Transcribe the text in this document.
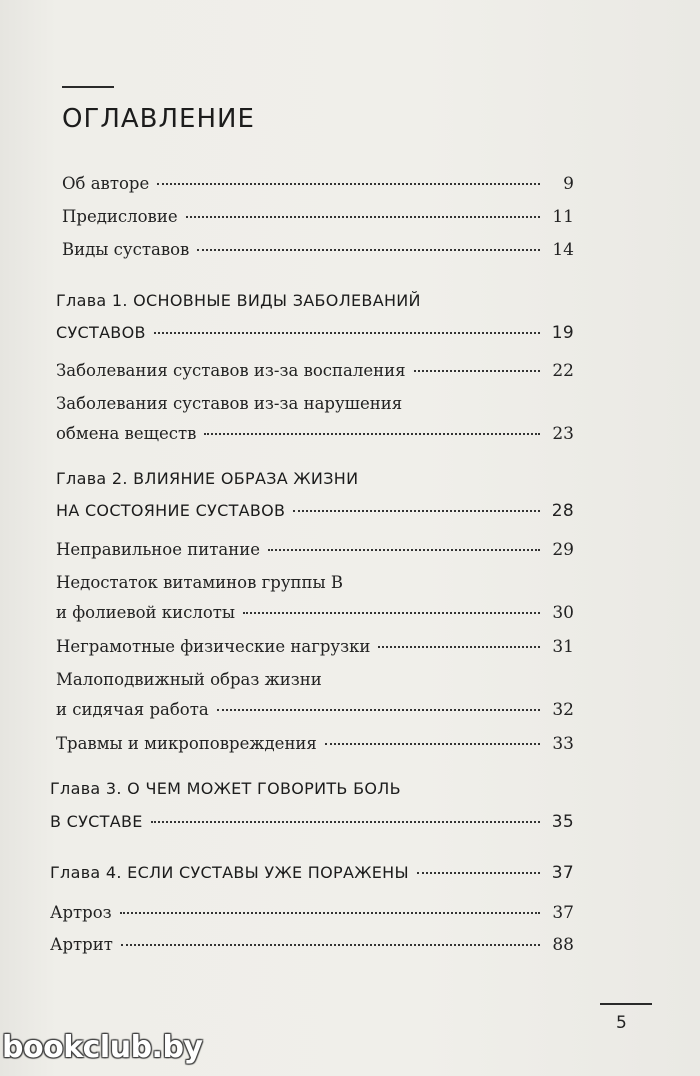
ОГЛАВЛЕНИЕ
Об авторе	9
Предисловие	11
Виды суставов	14
Глава 1. ОСНОВНЫЕ ВИДЫ ЗАБОЛЕВАНИЙ
СУСТАВОВ	19
Заболевания суставов из-за воспаления	22
Заболевания суставов из-за нарушения
обмена веществ	23
Глава 2. ВЛИЯНИЕ ОБРАЗА ЖИЗНИ
НА СОСТОЯНИЕ СУСТАВОВ	28
Неправильное питание	29
Недостаток витаминов группы В
и фолиевой кислоты	30
Неграмотные физические нагрузки	31
Малоподвижный образ жизни
и сидячая работа	32
Травмы и микроповреждения	33
Глава 3. О ЧЕМ МОЖЕТ ГОВОРИТЬ БОЛЬ
В СУСТАВЕ	35
Глава 4. ЕСЛИ СУСТАВЫ УЖЕ ПОРАЖЕНЫ	37
Артроз	37
Артрит	88
5
bookclub.by
